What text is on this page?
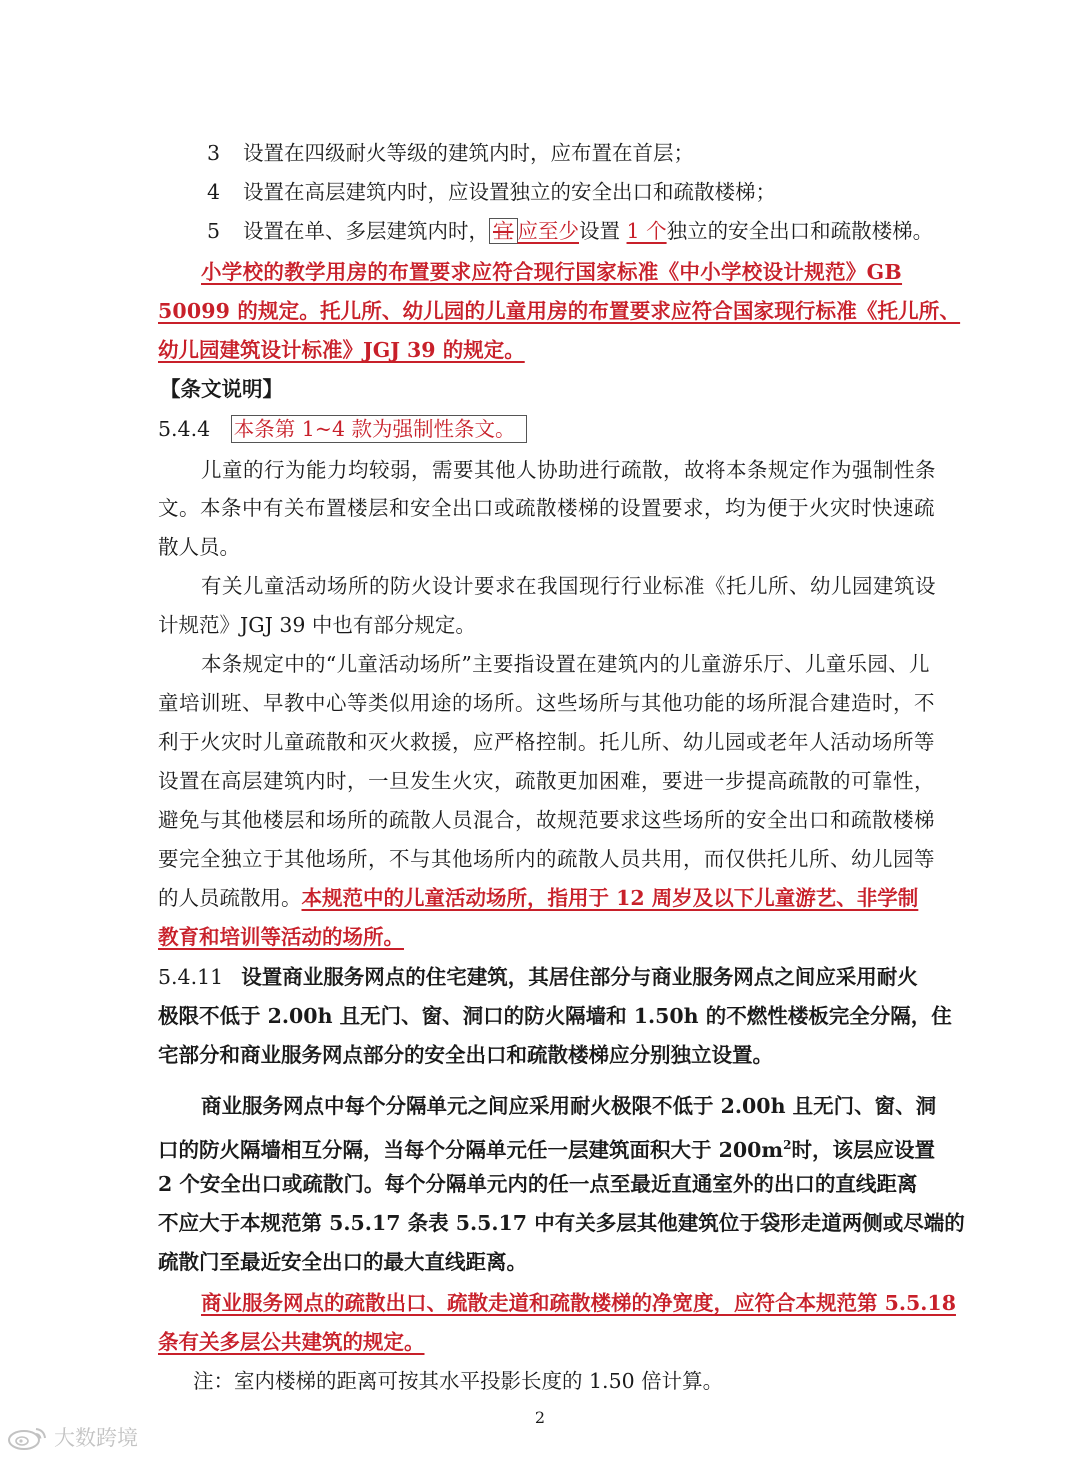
3 设置在四级耐火等级的建筑内时，应布置在首层；
4 设置在高层建筑内时，应设置独立的安全出口和疏散楼梯；
5 设置在单、多层建筑内时， 宜 应至少设置 1 个独立的安全出口和疏散楼梯。
小学校的教学用房的布置要求应符合现行国家标准《中小学校设计规范》GB
50099 的规定。托儿所、幼儿园的儿童用房的布置要求应符合国家现行标准《托儿所、
幼儿园建筑设计标准》JGJ 39 的规定。
【条文说明】
5.4.4 本条第 1~4 款为强制性条文。
儿童的行为能力均较弱，需要其他人协助进行疏散，故将本条规定作为强制性条
文。本条中有关布置楼层和安全出口或疏散楼梯的设置要求，均为便于火灾时快速疏
散人员。
有关儿童活动场所的防火设计要求在我国现行行业标准《托儿所、幼儿园建筑设
计规范》JGJ 39 中也有部分规定。
本条规定中的“儿童活动场所”主要指设置在建筑内的儿童游乐厅、儿童乐园、儿
童培训班、早教中心等类似用途的场所。这些场所与其他功能的场所混合建造时，不
利于火灾时儿童疏散和灭火救援，应严格控制。托儿所、幼儿园或老年人活动场所等
设置在高层建筑内时，一旦发生火灾，疏散更加困难，要进一步提高疏散的可靠性，
避免与其他楼层和场所的疏散人员混合，故规范要求这些场所的安全出口和疏散楼梯
要完全独立于其他场所，不与其他场所内的疏散人员共用，而仅供托儿所、幼儿园等
的人员疏散用。本规范中的儿童活动场所，指用于 12 周岁及以下儿童游艺、非学制
教育和培训等活动的场所。
5.4.11 设置商业服务网点的住宅建筑，其居住部分与商业服务网点之间应采用耐火
极限不低于 2.00h 且无门、窗、洞口的防火隔墙和 1.50h 的不燃性楼板完全分隔，住
宅部分和商业服务网点部分的安全出口和疏散楼梯应分别独立设置。
商业服务网点中每个分隔单元之间应采用耐火极限不低于 2.00h 且无门、窗、洞
口的防火隔墙相互分隔，当每个分隔单元任一层建筑面积大于 $200m^2$时，该层应设置
2 个安全出口或疏散门。每个分隔单元内的任一点至最近直通室外的出口的直线距离
不应大于本规范第 5.5.17 条表 5.5.17 中有关多层其他建筑位于袋形走道两侧或尽端的
疏散门至最近安全出口的最大直线距离。
商业服务网点的疏散出口、疏散走道和疏散楼梯的净宽度，应符合本规范第 5.5.18
条有关多层公共建筑的规定。
注：室内楼梯的距离可按其水平投影长度的 1.50 倍计算。
2
大数跨境
